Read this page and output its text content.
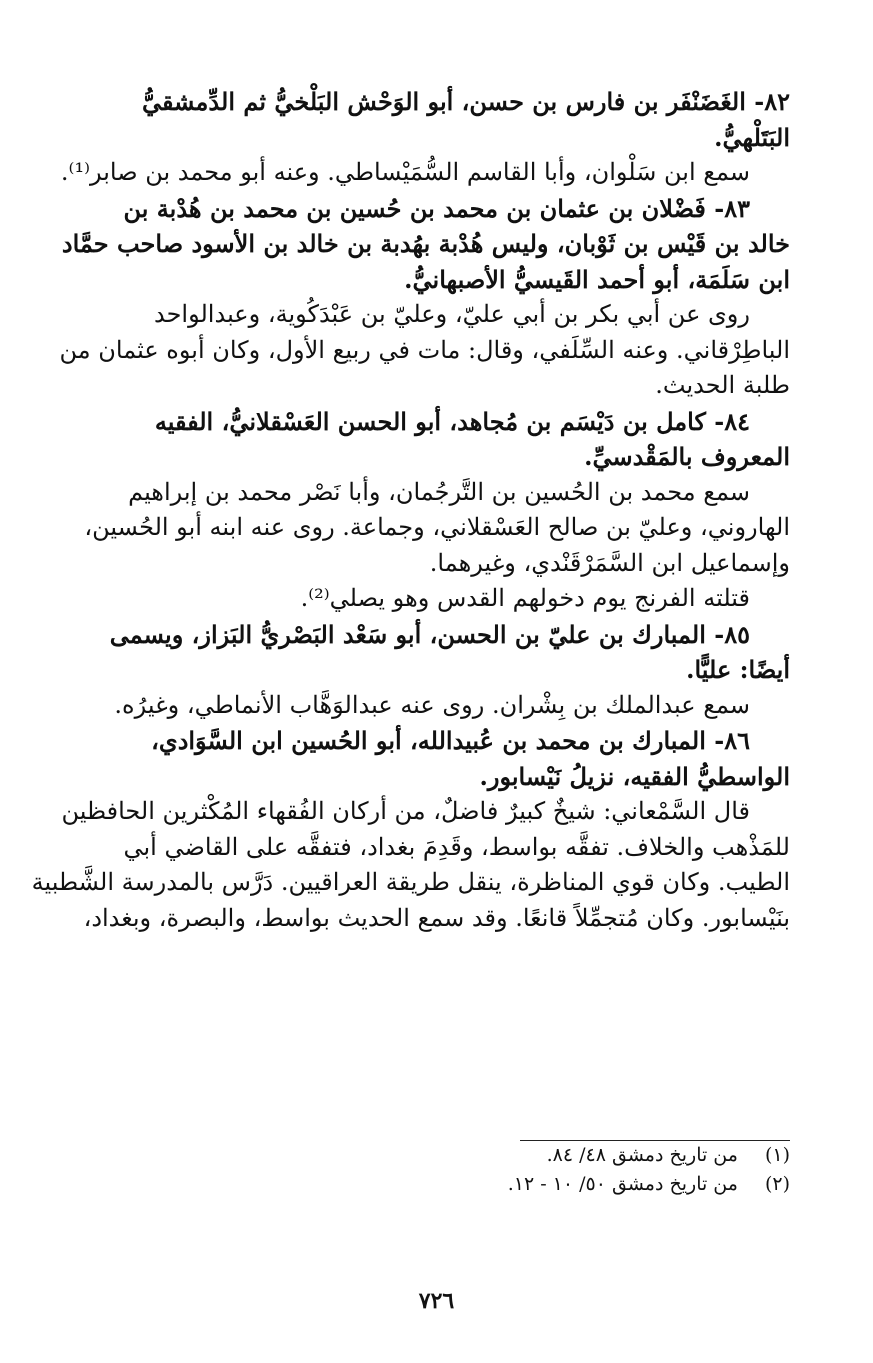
٨٢- الغَضَنْفَر بن فارس بن حسن، أبو الوَحْش البَلْخيُّ ثم الدِّمشقيُّ

البَتَلْهيُّ.

سمع ابن سَلْوان، وأبا القاسم السُّمَيْساطي. وعنه أبو محمد بن صابر⁽¹⁾.

٨٣- فَضْلان بن عثمان بن محمد بن حُسين بن محمد بن هُدْبة بن

خالد بن قَيْس بن ثَوْبان، وليس هُدْبة بهُدبة بن خالد بن الأسود صاحب حمَّاد

ابن سَلَمَة، أبو أحمد القَيسيُّ الأصبهانيُّ.

روى عن أبي بكر بن أبي عليّ، وعليّ بن عَبْدَكُوية، وعبدالواحد

الباطِرْقاني. وعنه السِّلَفي، وقال: مات في ربيع الأول، وكان أبوه عثمان من

طلبة الحديث.

٨٤- كامل بن دَيْسَم بن مُجاهد، أبو الحسن العَسْقلانيُّ، الفقيه

المعروف بالمَقْدسيِّ.

سمع محمد بن الحُسين بن التَّرجُمان، وأبا نَصْر محمد بن إبراهيم

الهاروني، وعليّ بن صالح العَسْقلاني، وجماعة. روى عنه ابنه أبو الحُسين،

وإسماعيل ابن السَّمَرْقَنْدي، وغيرهما.

قتلته الفرنج يوم دخولهم القدس وهو يصلي⁽²⁾.

٨٥- المبارك بن عليّ بن الحسن، أبو سَعْد البَصْريُّ البَزاز، ويسمى

أيضًا: عليًّا.

سمع عبدالملك بن بِشْران. روى عنه عبدالوَهَّاب الأنماطي، وغيرُه.

٨٦- المبارك بن محمد بن عُبيدالله، أبو الحُسين ابن السَّوَادي،

الواسطيُّ الفقيه، نزيلُ نَيْسابور.

قال السَّمْعاني: شيخٌ كبيرٌ فاضلٌ، من أركان الفُقهاء المُكْثرين الحافظين

للمَذْهب والخلاف. تفقَّه بواسط، وقَدِمَ بغداد، فتفقَّه على القاضي أبي

الطيب. وكان قوي المناظرة، ينقل طريقة العراقيين. دَرَّس بالمدرسة الشَّطبية

بنَيْسابور. وكان مُتجمِّلاً قانعًا. وقد سمع الحديث بواسط، والبصرة، وبغداد،

(١) من تاريخ دمشق ٤٨/ ٨٤.

(٢) من تاريخ دمشق ٥٠/ ١٠ - ١٢.

٧٢٦
